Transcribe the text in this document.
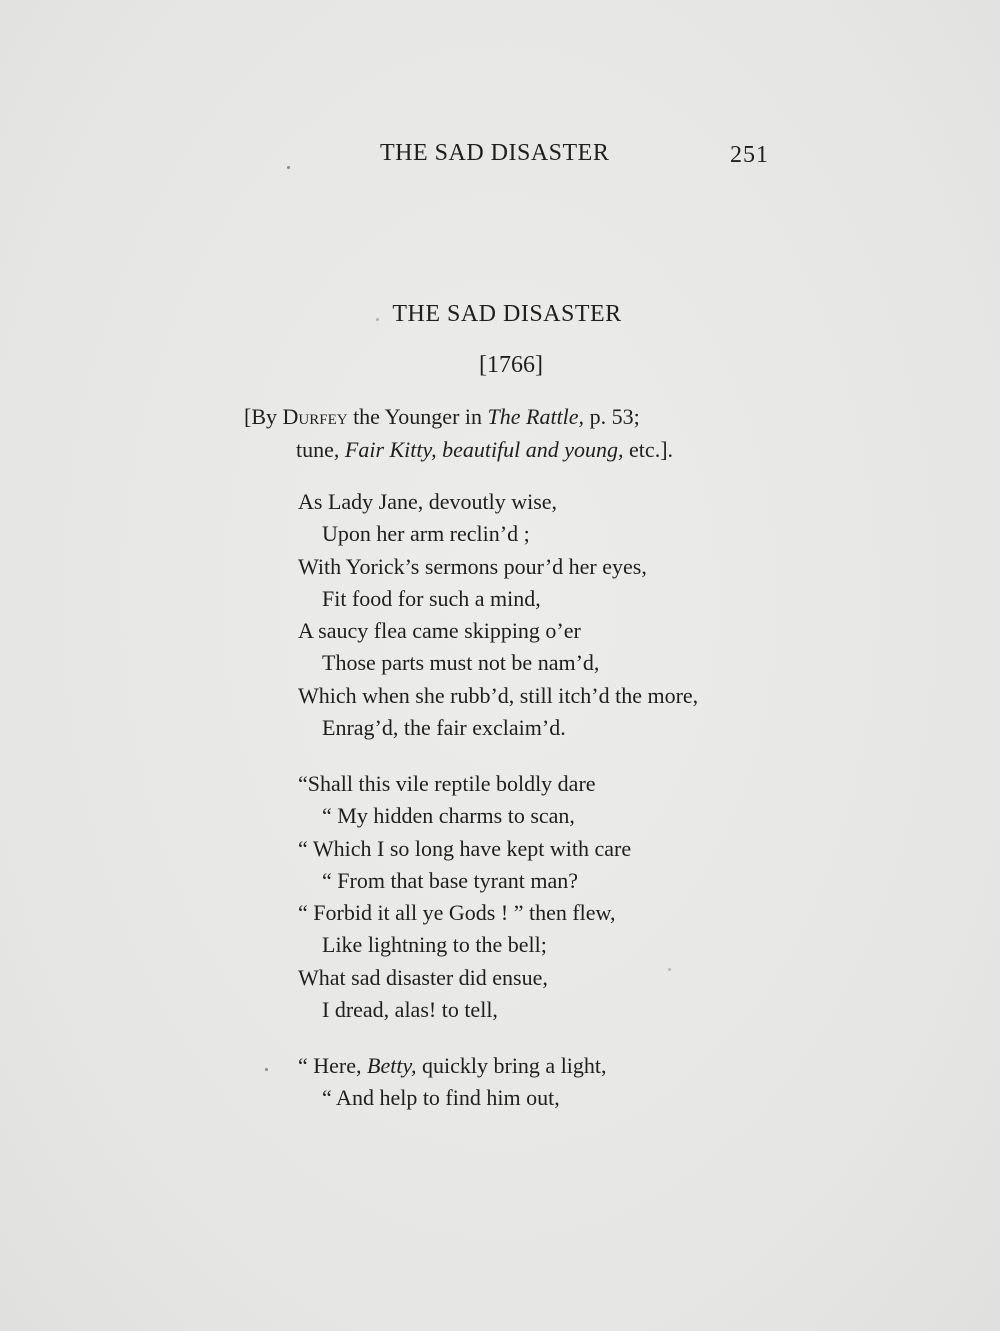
THE SAD DISASTER	251
THE SAD DISASTER
[1766]
[By Durfey the Younger in The Rattle, p. 53;
tune, Fair Kitty, beautiful and young, etc.].
As Lady Jane, devoutly wise,
Upon her arm reclin’d ;
With Yorick’s sermons pour’d her eyes,
Fit food for such a mind,
A saucy flea came skipping o’er
Those parts must not be nam’d,
Which when she rubb’d, still itch’d the more,
Enrag’d, the fair exclaim’d.
“Shall this vile reptile boldly dare
“ My hidden charms to scan,
“ Which I so long have kept with care
“ From that base tyrant man?
“ Forbid it all ye Gods ! ” then flew,
Like lightning to the bell;
What sad disaster did ensue,
I dread, alas! to tell,
“ Here, Betty, quickly bring a light,
“ And help to find him out,
